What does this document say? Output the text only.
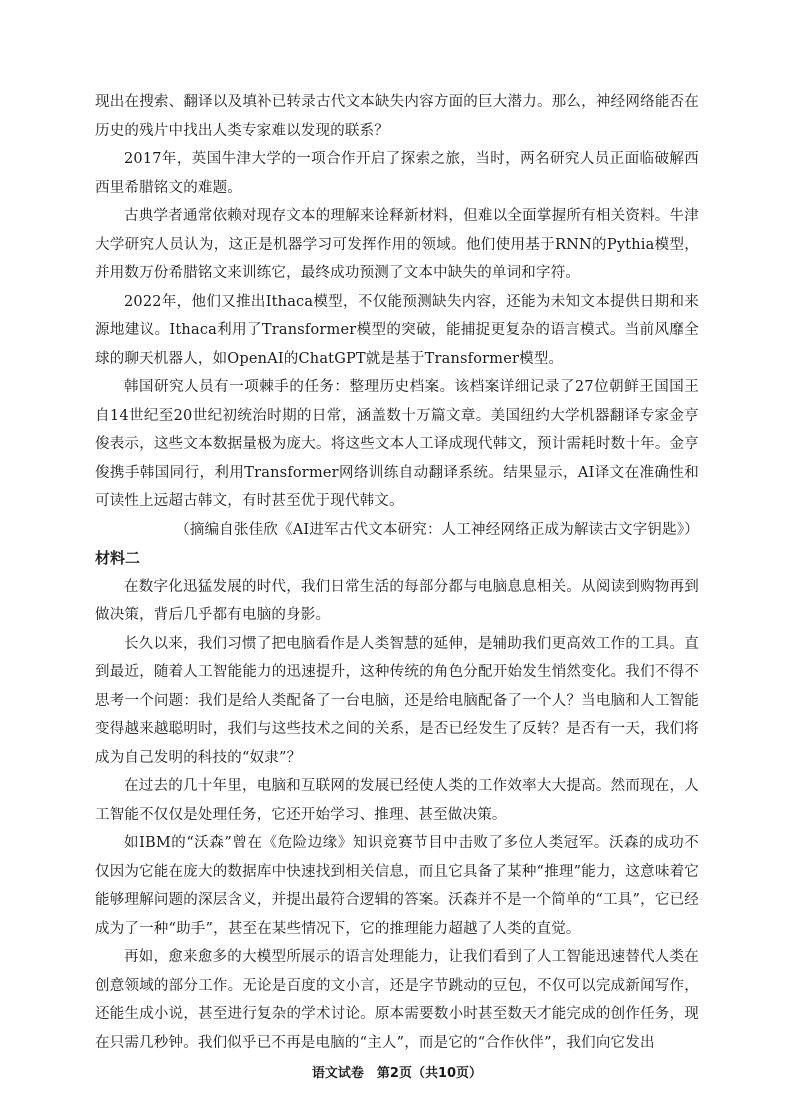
现出在搜索、翻译以及填补已转录古代文本缺失内容方面的巨大潜力。那么，神经网络能否在历史的残片中找出人类专家难以发现的联系？

2017年，英国牛津大学的一项合作开启了探索之旅，当时，两名研究人员正面临破解西西里希腊铭文的难题。

古典学者通常依赖对现存文本的理解来诠释新材料，但难以全面掌握所有相关资料。牛津大学研究人员认为，这正是机器学习可发挥作用的领域。他们使用基于RNN的Pythia模型，并用数万份希腊铭文来训练它，最终成功预测了文本中缺失的单词和字符。

2022年，他们又推出Ithaca模型，不仅能预测缺失内容，还能为未知文本提供日期和来源地建议。Ithaca利用了Transformer模型的突破，能捕捉更复杂的语言模式。当前风靡全球的聊天机器人，如OpenAI的ChatGPT就是基于Transformer模型。

韩国研究人员有一项棘手的任务：整理历史档案。该档案详细记录了27位朝鲜王国国王自14世纪至20世纪初统治时期的日常，涵盖数十万篇文章。美国纽约大学机器翻译专家金亨俊表示，这些文本数据量极为庞大。将这些文本人工译成现代韩文，预计需耗时数十年。金亨俊携手韩国同行，利用Transformer网络训练自动翻译系统。结果显示，AI译文在准确性和可读性上远超古韩文，有时甚至优于现代韩文。

（摘编自张佳欣《AI进军古代文本研究：人工神经网络正成为解读古文字钥匙》）

材料二

在数字化迅猛发展的时代，我们日常生活的每部分都与电脑息息相关。从阅读到购物再到做决策，背后几乎都有电脑的身影。

长久以来，我们习惯了把电脑看作是人类智慧的延伸，是辅助我们更高效工作的工具。直到最近，随着人工智能能力的迅速提升，这种传统的角色分配开始发生悄然变化。我们不得不思考一个问题：我们是给人类配备了一台电脑，还是给电脑配备了一个人？当电脑和人工智能变得越来越聪明时，我们与这些技术之间的关系，是否已经发生了反转？是否有一天，我们将成为自己发明的科技的“奴隶”？

在过去的几十年里，电脑和互联网的发展已经使人类的工作效率大大提高。然而现在，人工智能不仅仅是处理任务，它还开始学习、推理、甚至做决策。

如IBM的“沃森”曾在《危险边缘》知识竞赛节目中击败了多位人类冠军。沃森的成功不仅因为它能在庞大的数据库中快速找到相关信息，而且它具备了某种“推理”能力，这意味着它能够理解问题的深层含义，并提出最符合逻辑的答案。沃森并不是一个简单的“工具”，它已经成为了一种“助手”，甚至在某些情况下，它的推理能力超越了人类的直觉。

再如，愈来愈多的大模型所展示的语言处理能力，让我们看到了人工智能迅速替代人类在创意领域的部分工作。无论是百度的文小言，还是字节跳动的豆包，不仅可以完成新闻写作，还能生成小说，甚至进行复杂的学术讨论。原本需要数小时甚至数天才能完成的创作任务，现在只需几秒钟。我们似乎已不再是电脑的“主人”，而是它的“合作伙伴”，我们向它发出

语文试卷　第2页（共10页）
